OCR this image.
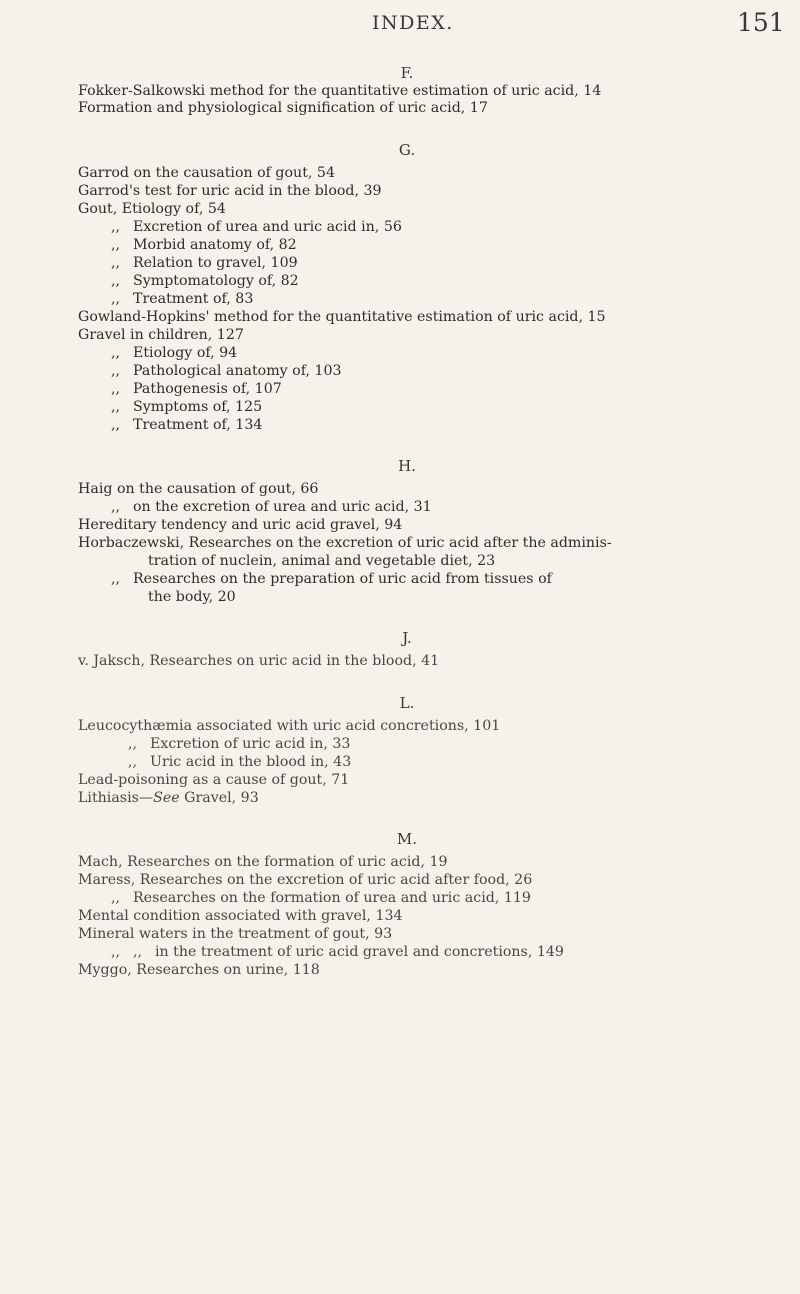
INDEX.	151
F.
Fokker-Salkowski method for the quantitative estimation of uric acid, 14
Formation and physiological signification of uric acid, 17
G.
Garrod on the causation of gout, 54
Garrod's test for uric acid in the blood, 39
Gout, Etiology of, 54
,, Excretion of urea and uric acid in, 56
,, Morbid anatomy of, 82
,, Relation to gravel, 109
,, Symptomatology of, 82
,, Treatment of, 83
Gowland-Hopkins' method for the quantitative estimation of uric acid, 15
Gravel in children, 127
,, Etiology of, 94
,, Pathological anatomy of, 103
,, Pathogenesis of, 107
,, Symptoms of, 125
,, Treatment of, 134
H.
Haig on the causation of gout, 66
,, on the excretion of urea and uric acid, 31
Hereditary tendency and uric acid gravel, 94
Horbaczewski, Researches on the excretion of uric acid after the adminis-
tration of nuclein, animal and vegetable diet, 23
,, Researches on the preparation of uric acid from tissues of
the body, 20
J.
v. Jaksch, Researches on uric acid in the blood, 41
L.
Leucocythæmia associated with uric acid concretions, 101
,, Excretion of uric acid in, 33
,, Uric acid in the blood in, 43
Lead-poisoning as a cause of gout, 71
Lithiasis—See Gravel, 93
M.
Mach, Researches on the formation of uric acid, 19
Maress, Researches on the excretion of uric acid after food, 26
,, Researches on the formation of urea and uric acid, 119
Mental condition associated with gravel, 134
Mineral waters in the treatment of gout, 93
,, ,, in the treatment of uric acid gravel and concretions, 149
Myggo, Researches on urine, 118
